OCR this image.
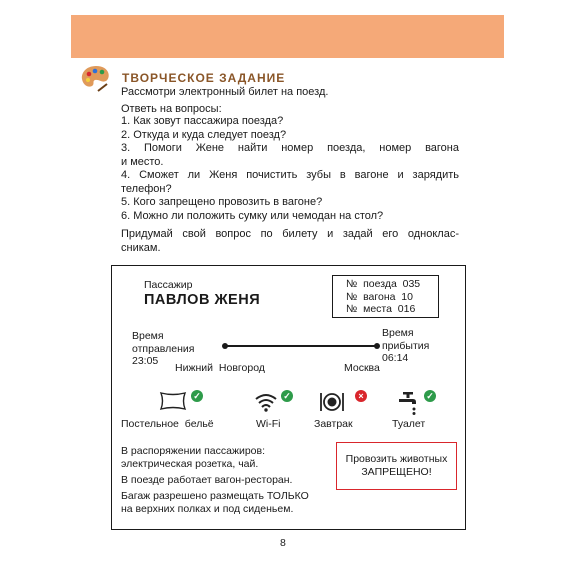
ТВОРЧЕСКОЕ ЗАДАНИЕ
Рассмотри электронный билет на поезд.
Ответь на вопросы:
1. Как зовут пассажира поезда?
2. Откуда и куда следует поезд?
3. Помоги Жене найти номер поезда, номер вагона
и место.
4. Сможет ли Женя почистить зубы в вагоне и зарядить
телефон?
5. Кого запрещено провозить в вагоне?
6. Можно ли положить сумку или чемодан на стол?
Придумай свой вопрос по билету и задай его одноклас-
сникам.
Пассажир
ПАВЛОВ ЖЕНЯ
№  поезда  035
№  вагона  10
№  места  016
Время
отправления
23:05
Время
прибытия
06:14
Нижний Новгород	Москва
✓
Постельное бельё
✓
Wi-Fi
×
Завтрак
✓
Туалет
В распоряжении пассажиров:
электрическая розетка, чай.
В поезде работает вагон-ресторан.
Багаж разрешено размещать ТОЛЬКО
на верхних полках и под сиденьем.
Провозить животных
ЗАПРЕЩЕНО!
8
